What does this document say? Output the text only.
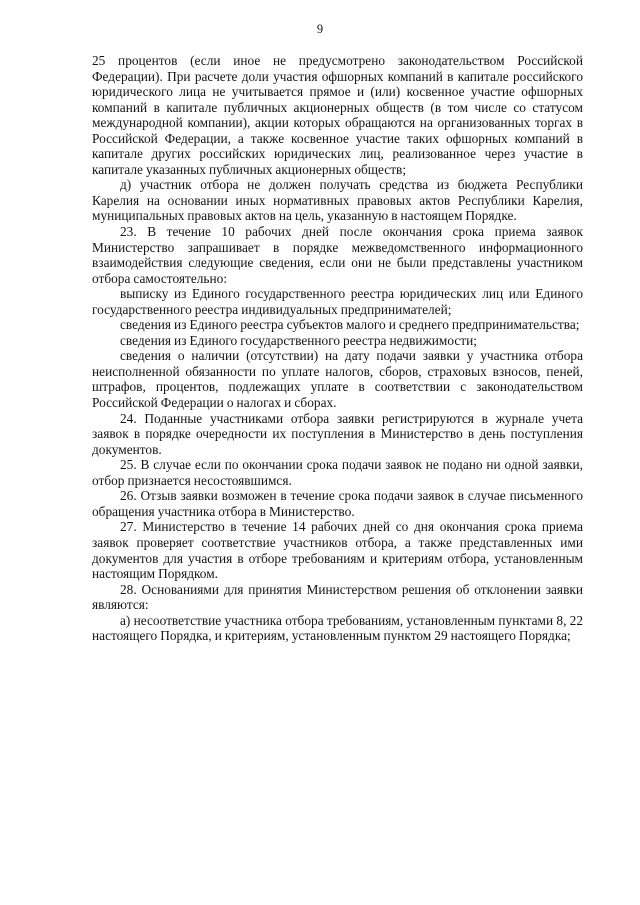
9

25 процентов (если иное не предусмотрено законодательством Российской Федерации). При расчете доли участия офшорных компаний в капитале российского юридического лица не учитывается прямое и (или) косвенное участие офшорных компаний в капитале публичных акционерных обществ (в том числе со статусом международной компании), акции которых обращаются на организованных торгах в Российской Федерации, а также косвенное участие таких офшорных компаний в капитале других российских юридических лиц, реализованное через участие в капитале указанных публичных акционерных обществ;

д) участник отбора не должен получать средства из бюджета Республики Карелия на основании иных нормативных правовых актов Республики Карелия, муниципальных правовых актов на цель, указанную в настоящем Порядке.

23. В течение 10 рабочих дней после окончания срока приема заявок Министерство запрашивает в порядке межведомственного информационного взаимодействия следующие сведения, если они не были представлены участником отбора самостоятельно:

выписку из Единого государственного реестра юридических лиц или Единого государственного реестра индивидуальных предпринимателей;

сведения из Единого реестра субъектов малого и среднего предпринимательства;

сведения из Единого государственного реестра недвижимости;

сведения о наличии (отсутствии) на дату подачи заявки у участника отбора неисполненной обязанности по уплате налогов, сборов, страховых взносов, пеней, штрафов, процентов, подлежащих уплате в соответствии с законодательством Российской Федерации о налогах и сборах.

24. Поданные участниками отбора заявки регистрируются в журнале учета заявок в порядке очередности их поступления в Министерство в день поступления документов.

25. В случае если по окончании срока подачи заявок не подано ни одной заявки, отбор признается несостоявшимся.

26. Отзыв заявки возможен в течение срока подачи заявок в случае письменного обращения участника отбора в Министерство.

27. Министерство в течение 14 рабочих дней со дня окончания срока приема заявок проверяет соответствие участников отбора, а также представленных ими документов для участия в отборе требованиям и критериям отбора, установленным настоящим Порядком.

28. Основаниями для принятия Министерством решения об отклонении заявки являются:

а) несоответствие участника отбора требованиям, установленным пунктами 8, 22 настоящего Порядка, и критериям, установленным пунктом 29 настоящего Порядка;
